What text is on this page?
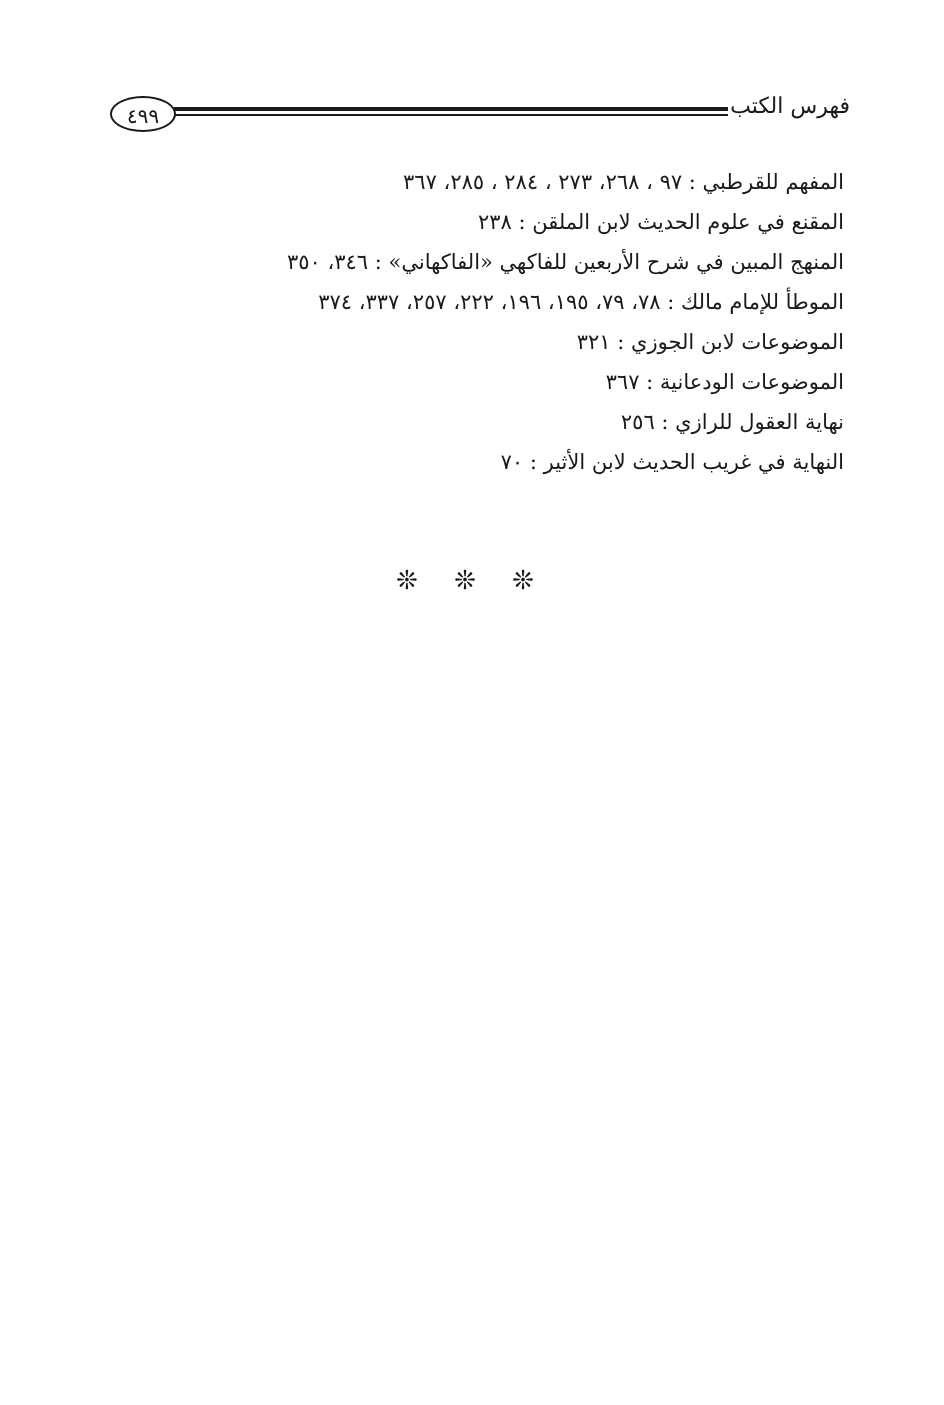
٤٩٩	فهرس الكتب
المفهم للقرطبي : ٩٧ ، ٢٦٨، ٢٧٣ ، ٢٨٤ ، ٢٨٥، ٣٦٧
المقنع في علوم الحديث لابن الملقن : ٢٣٨
المنهج المبين في شرح الأربعين للفاكهي «الفاكهاني» : ٣٤٦، ٣٥٠
الموطأ للإمام مالك : ٧٨، ٧٩، ١٩٥، ١٩٦، ٢٢٢، ٢٥٧، ٣٣٧، ٣٧٤
الموضوعات لابن الجوزي : ٣٢١
الموضوعات الودعانية : ٣٦٧
نهاية العقول للرازي : ٢٥٦
النهاية في غريب الحديث لابن الأثير : ٧٠
❊ ❊ ❊
